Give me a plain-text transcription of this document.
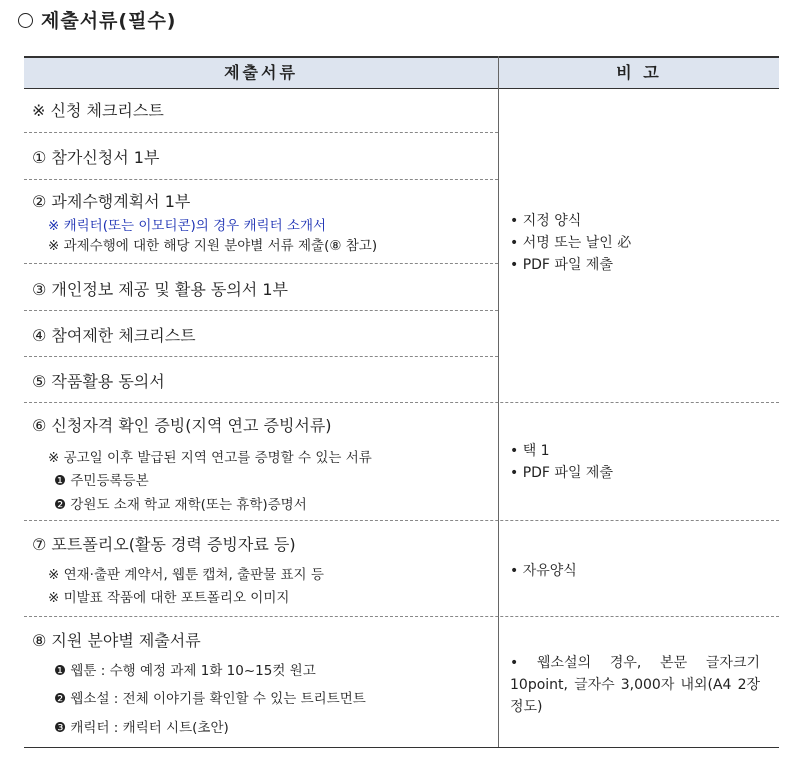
제출서류(필수)
제출서류	비 고
※ 신청 체크리스트
① 참가신청서 1부
② 과제수행계획서 1부
※ 캐릭터(또는 이모티콘)의 경우 캐릭터 소개서
※ 과제수행에 대한 해당 지원 분야별 서류 제출(⑧ 참고)
③ 개인정보 제공 및 활용 동의서 1부
④ 참여제한 체크리스트
⑤ 작품활용 동의서
• 지정 양식
• 서명 또는 날인 必
• PDF 파일 제출
⑥ 신청자격 확인 증빙(지역 연고 증빙서류)
※ 공고일 이후 발급된 지역 연고를 증명할 수 있는 서류
❶ 주민등록등본
❷ 강원도 소재 학교 재학(또는 휴학)증명서
• 택 1
• PDF 파일 제출
⑦ 포트폴리오(활동 경력 증빙자료 등)
※ 연재·출판 계약서, 웹툰 캡쳐, 출판물 표지 등
※ 미발표 작품에 대한 포트폴리오 이미지
• 자유양식
⑧ 지원 분야별 제출서류
❶ 웹툰 : 수행 예정 과제 1화 10~15컷 원고
❷ 웹소설 : 전체 이야기를 확인할 수 있는 트리트먼트
❸ 캐릭터 : 캐릭터 시트(초안)
• 웹소설의 경우, 본문 글자크기 10point, 글자수 3,000자 내외(A4 2장 정도)
